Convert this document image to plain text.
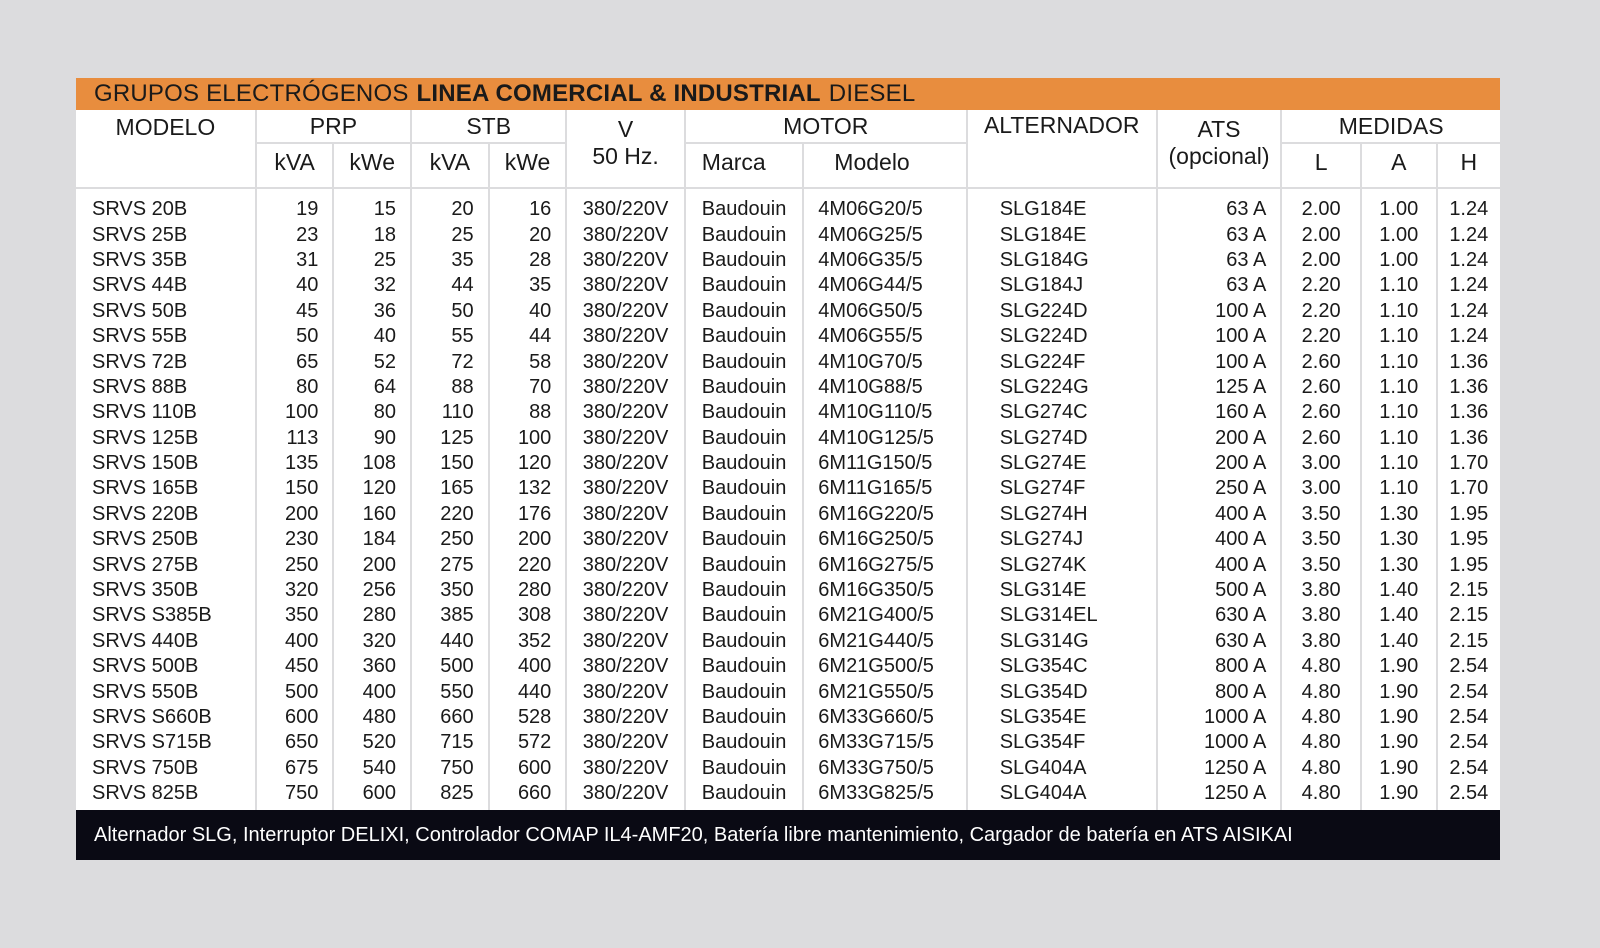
GRUPOS ELECTRÓGENOS LINEA COMERCIAL & INDUSTRIAL DIESEL
MODELO	PRP		STB		V	MOTOR		ALTERNADOR	ATS	MEDIDAS		
	kVA	kWe	kVA	kWe	50 Hz.	Marca	Modelo		(opcional)	L	A	H

SRVS 20B	19	15	20	16	380/220V	Baudouin	4M06G20/5	SLG184E	63 A	2.00	1.00	1.24
SRVS 25B	23	18	25	20	380/220V	Baudouin	4M06G25/5	SLG184E	63 A	2.00	1.00	1.24
SRVS 35B	31	25	35	28	380/220V	Baudouin	4M06G35/5	SLG184G	63 A	2.00	1.00	1.24
SRVS 44B	40	32	44	35	380/220V	Baudouin	4M06G44/5	SLG184J	63 A	2.20	1.10	1.24
SRVS 50B	45	36	50	40	380/220V	Baudouin	4M06G50/5	SLG224D	100 A	2.20	1.10	1.24
SRVS 55B	50	40	55	44	380/220V	Baudouin	4M06G55/5	SLG224D	100 A	2.20	1.10	1.24
SRVS 72B	65	52	72	58	380/220V	Baudouin	4M10G70/5	SLG224F	100 A	2.60	1.10	1.36
SRVS 88B	80	64	88	70	380/220V	Baudouin	4M10G88/5	SLG224G	125 A	2.60	1.10	1.36
SRVS 110B	100	80	110	88	380/220V	Baudouin	4M10G110/5	SLG274C	160 A	2.60	1.10	1.36
SRVS 125B	113	90	125	100	380/220V	Baudouin	4M10G125/5	SLG274D	200 A	2.60	1.10	1.36
SRVS 150B	135	108	150	120	380/220V	Baudouin	6M11G150/5	SLG274E	200 A	3.00	1.10	1.70
SRVS 165B	150	120	165	132	380/220V	Baudouin	6M11G165/5	SLG274F	250 A	3.00	1.10	1.70
SRVS 220B	200	160	220	176	380/220V	Baudouin	6M16G220/5	SLG274H	400 A	3.50	1.30	1.95
SRVS 250B	230	184	250	200	380/220V	Baudouin	6M16G250/5	SLG274J	400 A	3.50	1.30	1.95
SRVS 275B	250	200	275	220	380/220V	Baudouin	6M16G275/5	SLG274K	400 A	3.50	1.30	1.95
SRVS 350B	320	256	350	280	380/220V	Baudouin	6M16G350/5	SLG314E	500 A	3.80	1.40	2.15
SRVS S385B	350	280	385	308	380/220V	Baudouin	6M21G400/5	SLG314EL	630 A	3.80	1.40	2.15
SRVS 440B	400	320	440	352	380/220V	Baudouin	6M21G440/5	SLG314G	630 A	3.80	1.40	2.15
SRVS 500B	450	360	500	400	380/220V	Baudouin	6M21G500/5	SLG354C	800 A	4.80	1.90	2.54
SRVS 550B	500	400	550	440	380/220V	Baudouin	6M21G550/5	SLG354D	800 A	4.80	1.90	2.54
SRVS S660B	600	480	660	528	380/220V	Baudouin	6M33G660/5	SLG354E	1000 A	4.80	1.90	2.54
SRVS S715B	650	520	715	572	380/220V	Baudouin	6M33G715/5	SLG354F	1000 A	4.80	1.90	2.54
SRVS 750B	675	540	750	600	380/220V	Baudouin	6M33G750/5	SLG404A	1250 A	4.80	1.90	2.54
SRVS 825B	750	600	825	660	380/220V	Baudouin	6M33G825/5	SLG404A	1250 A	4.80	1.90	2.54
Alternador SLG, Interruptor DELIXI, Controlador COMAP IL4-AMF20, Batería libre mantenimiento, Cargador de batería en ATS AISIKAI
